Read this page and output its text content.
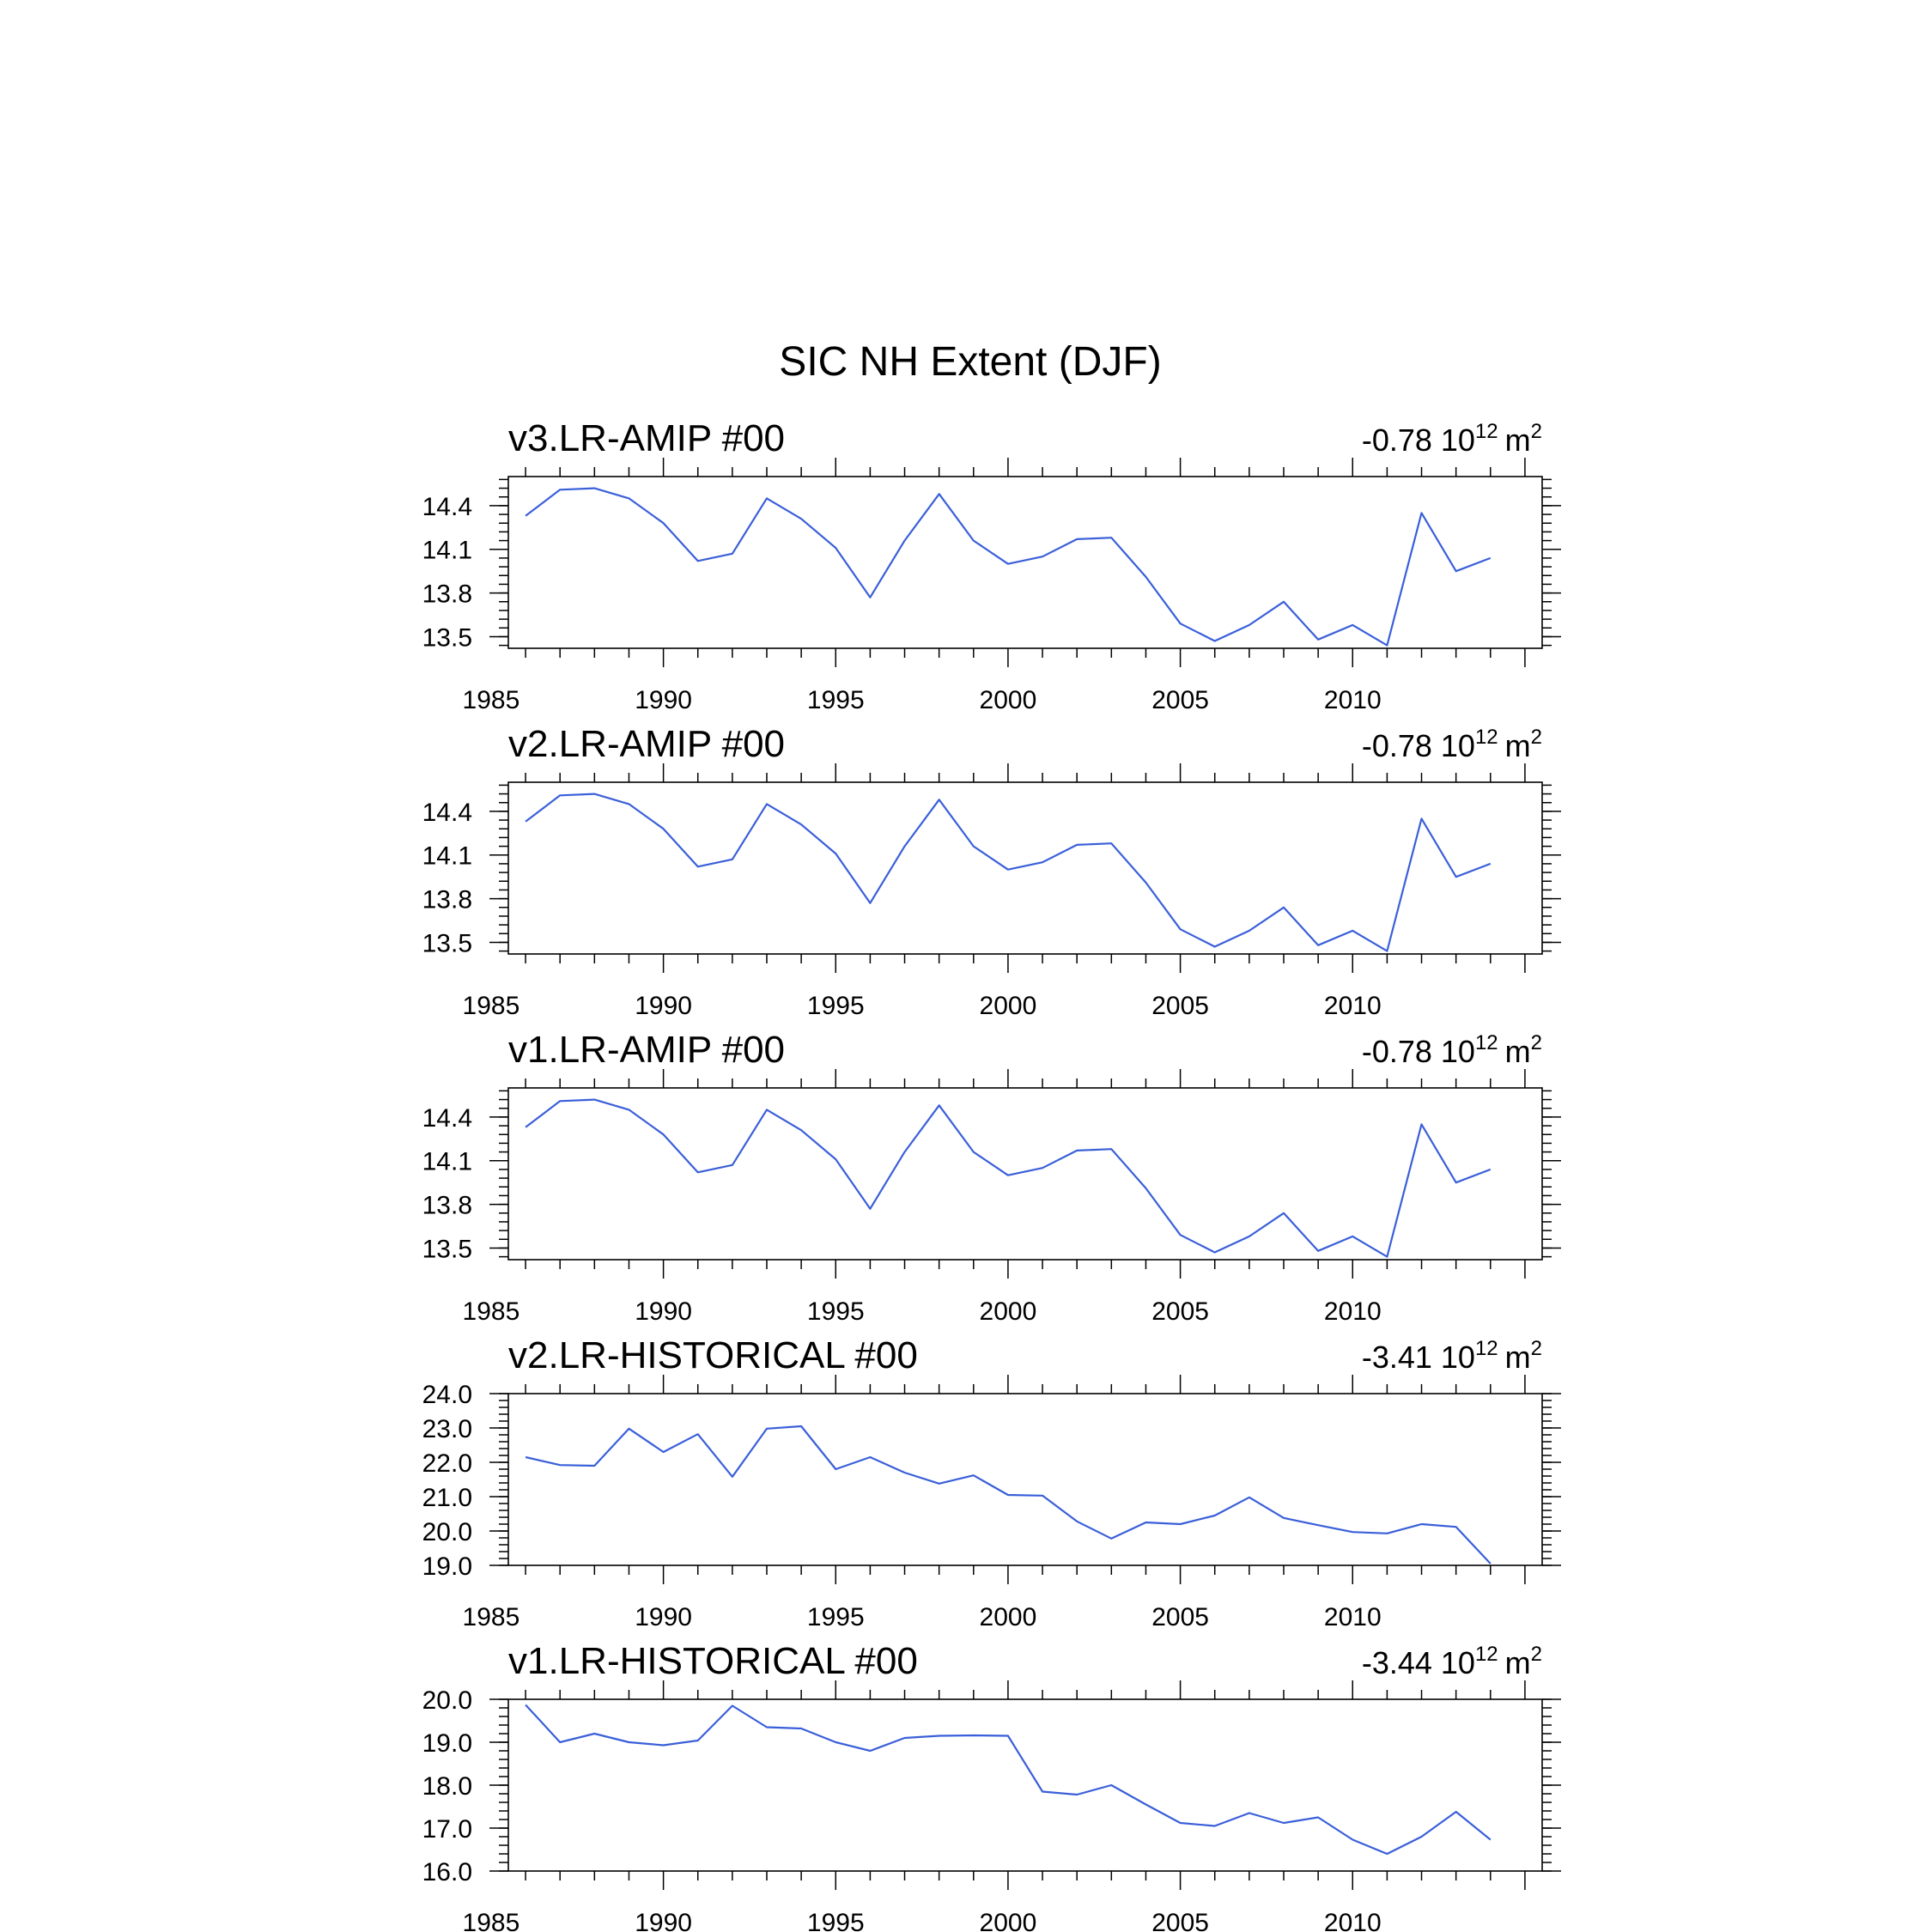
SIC NH Extent (DJF)
v3.LR-AMIP #00	-0.78 $10^{12}$ $m^2$
1985	1990	1995	2000	2005	2010
13.5
13.8
14.1
14.4
v2.LR-AMIP #00	-0.78 $10^{12}$ $m^2$
1985	1990	1995	2000	2005	2010
13.5
13.8
14.1
14.4
v1.LR-AMIP #00	-0.78 $10^{12}$ $m^2$
1985	1990	1995	2000	2005	2010
13.5
13.8
14.1
14.4
v2.LR-HISTORICAL #00	-3.41 $10^{12}$ $m^2$
1985	1990	1995	2000	2005	2010
19.0
20.0
21.0
22.0
23.0
24.0
v1.LR-HISTORICAL #00	-3.44 $10^{12}$ $m^2$
1985	1990	1995	2000	2005	2010
16.0
17.0
18.0
19.0
20.0
